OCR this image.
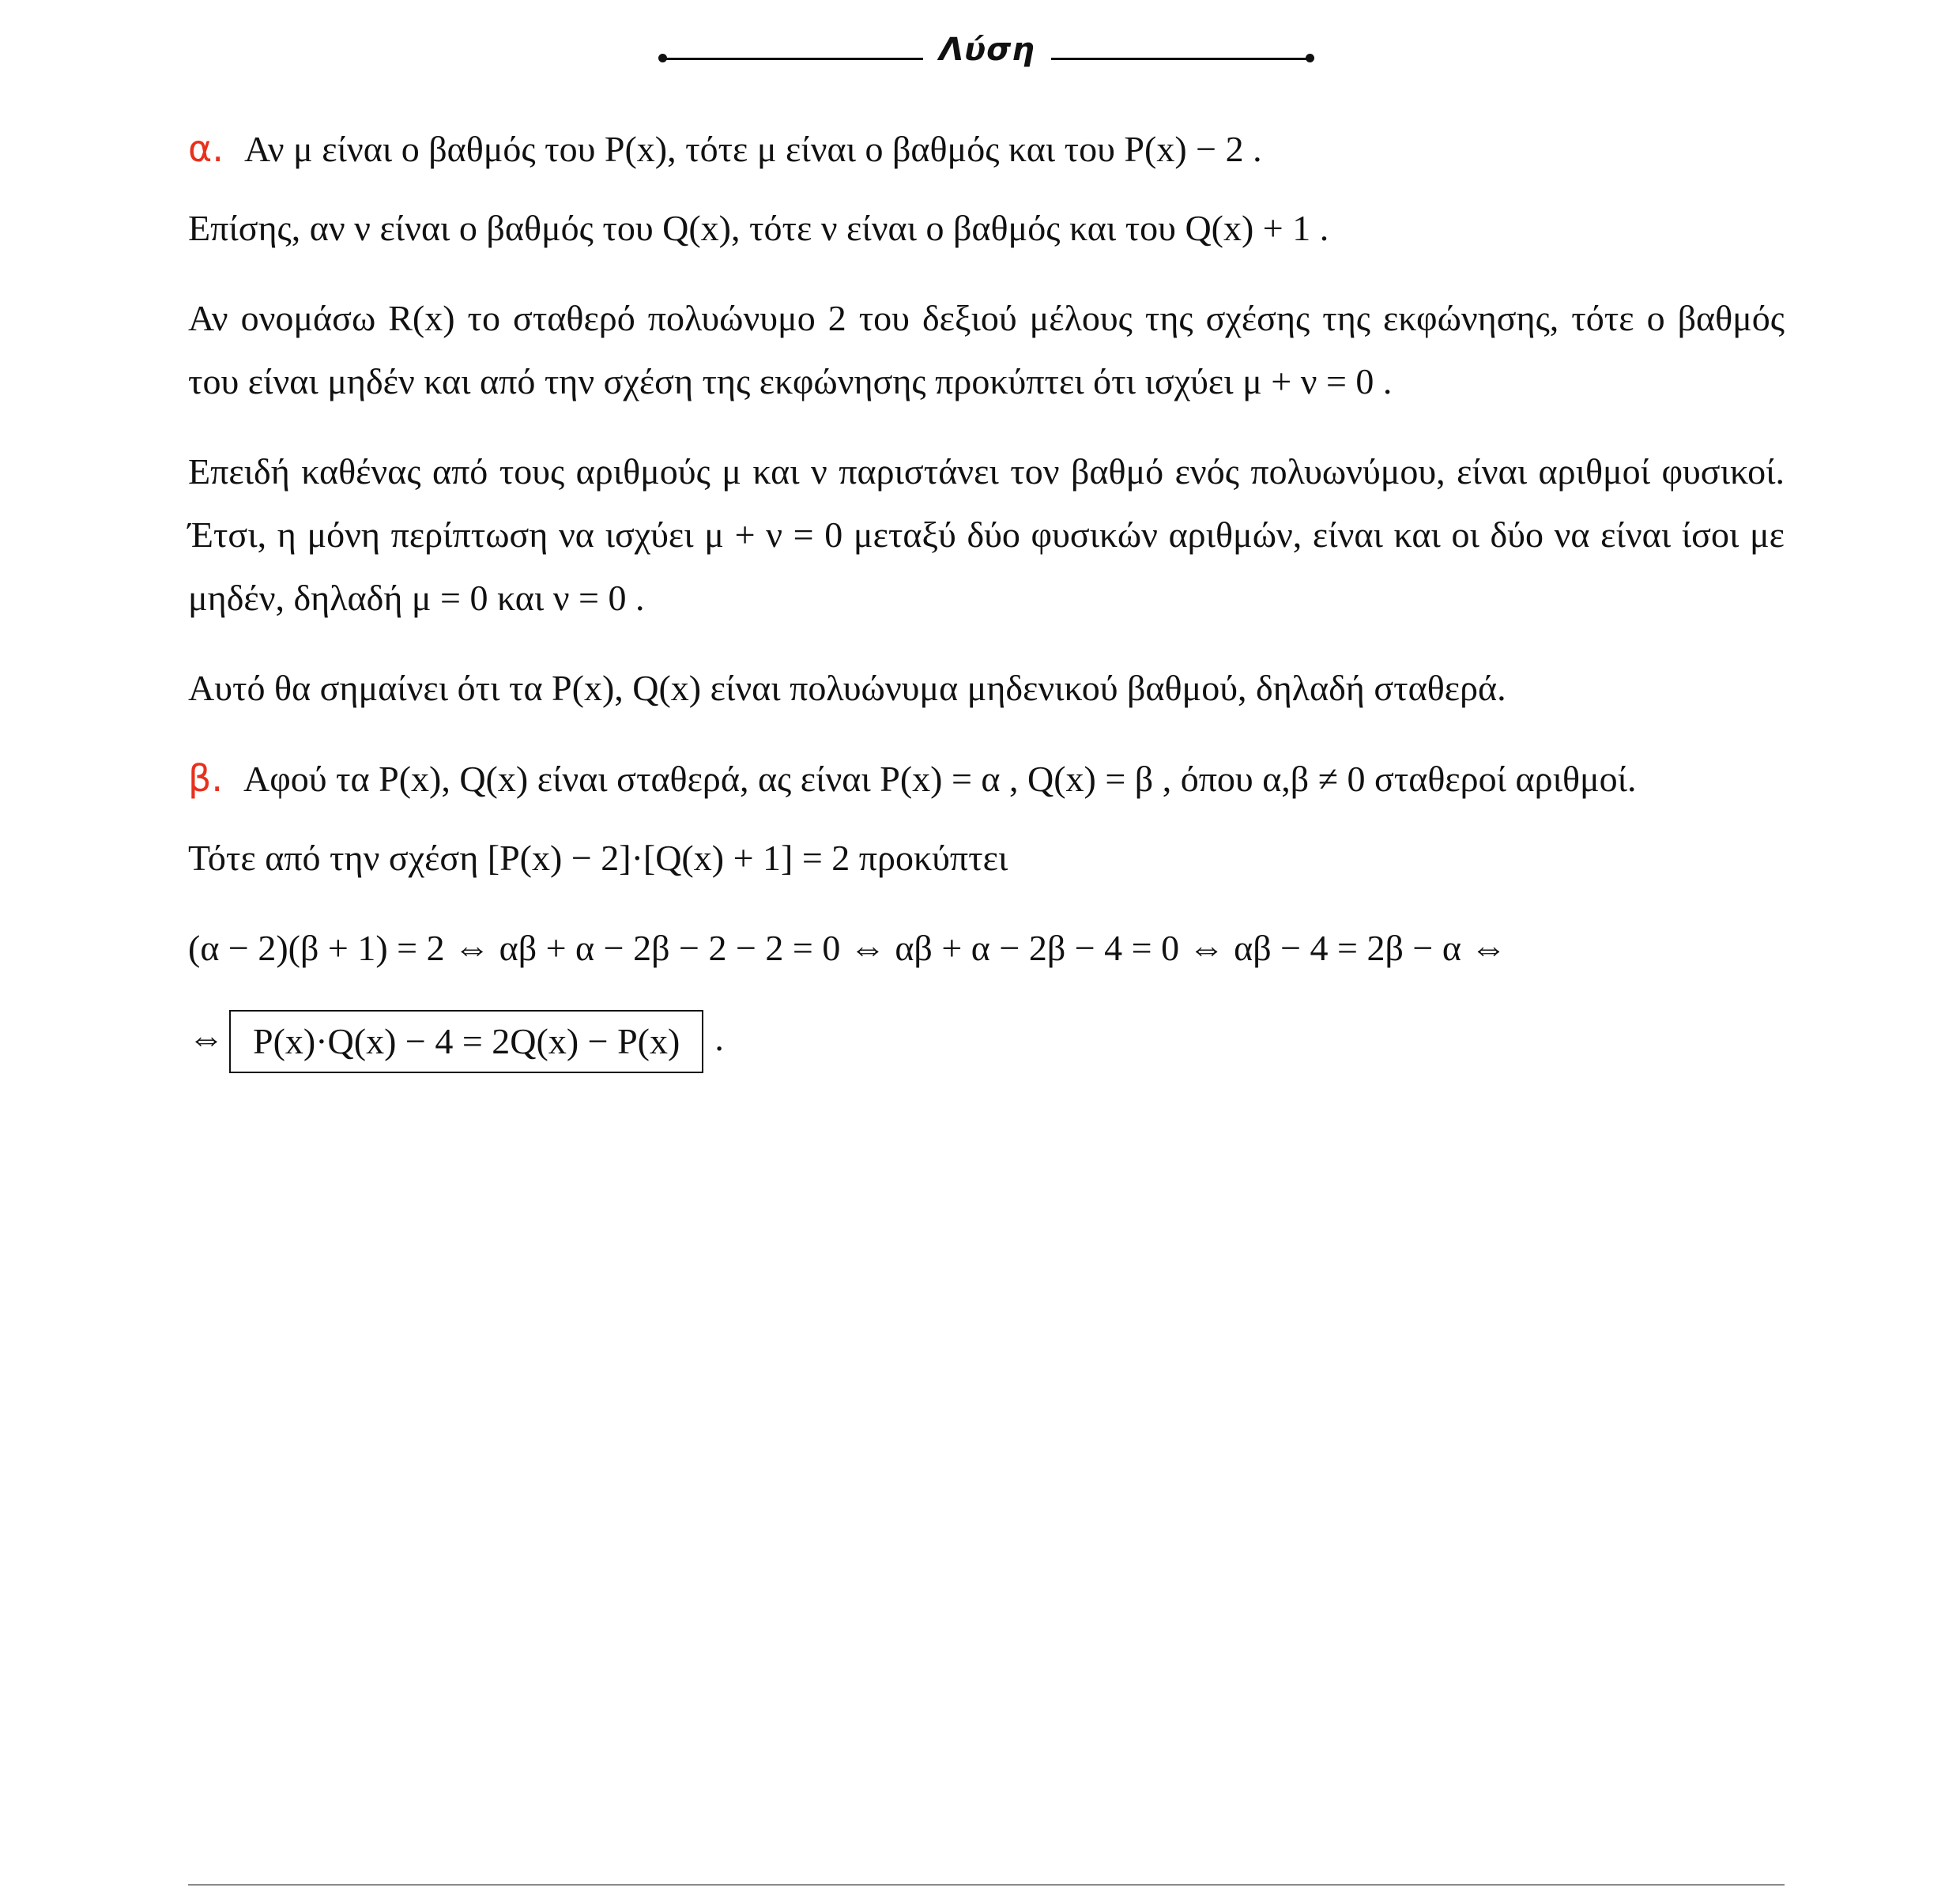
Λύση

α. Αν μ είναι ο βαθμός του P(x), τότε μ είναι ο βαθμός και του P(x) − 2 .

Επίσης, αν ν είναι ο βαθμός του Q(x), τότε ν είναι ο βαθμός και του Q(x) + 1 .

Αν ονομάσω R(x) το σταθερό πολυώνυμο 2 του δεξιού μέλους της σχέσης της εκφώνησης, τότε ο βαθμός του είναι μηδέν και από την σχέση της εκφώνησης προκύπτει ότι ισχύει μ + ν = 0 .

Επειδή καθένας από τους αριθμούς μ και ν παριστάνει τον βαθμό ενός πολυωνύμου, είναι αριθμοί φυσικοί. Έτσι, η μόνη περίπτωση να ισχύει μ + ν = 0 μεταξύ δύο φυσικών αριθμών, είναι και οι δύο να είναι ίσοι με μηδέν, δηλαδή μ = 0 και ν = 0 .

Αυτό θα σημαίνει ότι τα P(x), Q(x) είναι πολυώνυμα μηδενικού βαθμού, δηλαδή σταθερά.

β. Αφού τα P(x), Q(x) είναι σταθερά, ας είναι P(x) = α , Q(x) = β , όπου α,β ≠ 0 σταθεροί αριθμοί.

Τότε από την σχέση [P(x) − 2]·[Q(x) + 1] = 2 προκύπτει

(α − 2)(β + 1) = 2 ⇔ αβ + α − 2β − 2 − 2 = 0 ⇔ αβ + α − 2β − 4 = 0 ⇔ αβ − 4 = 2β − α ⇔

⇔ P(x)·Q(x) − 4 = 2Q(x) − P(x) .
